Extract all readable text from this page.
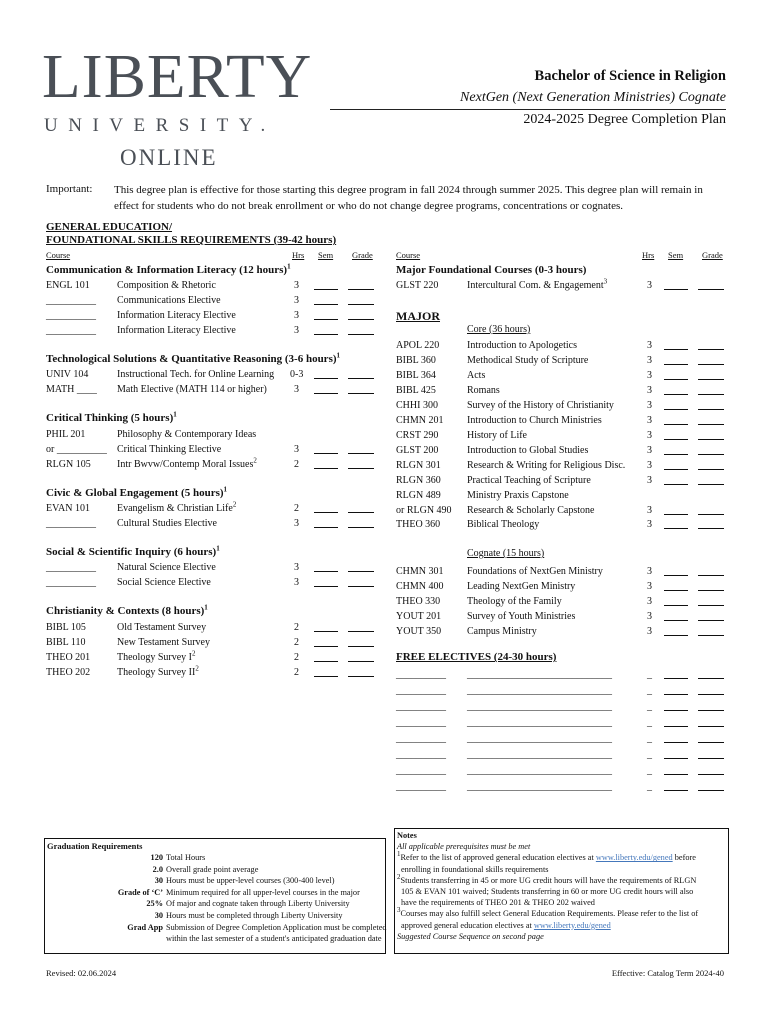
LIBERTY
UNIVERSITY.
ONLINE
Bachelor of Science in Religion
NextGen (Next Generation Ministries) Cognate
2024-2025 Degree Completion Plan
Important: This degree plan is effective for those starting this degree program in fall 2024 through summer 2025. This degree plan will remain in effect for students who do not break enrollment or who do not change degree programs, concentrations or cognates.
GENERAL EDUCATION/
FOUNDATIONAL SKILLS REQUIREMENTS (39-42 hours)
Course	Hrs Sem Grade
Communication & Information Literacy (12 hours)$^1$
ENGL 101	Composition & Rhetoric	3
__________ Communications Elective	3
__________ Information Literacy Elective	3
__________ Information Literacy Elective	3
Technological Solutions & Quantitative Reasoning (3-6 hours)$^1$
UNIV 104	Instructional Tech. for Online Learning 0-3
MATH ____ Math Elective (MATH 114 or higher)	3
Critical Thinking (5 hours)$^1$
PHIL 201	Philosophy & Contemporary Ideas
or __________ Critical Thinking Elective	3
RLGN 105	Intr Bwvw/Contemp Moral Issues$^2$	2
Civic & Global Engagement (5 hours)$^1$
EVAN 101	Evangelism & Christian Life$^2$	2
__________ Cultural Studies Elective	3
Social & Scientific Inquiry (6 hours)$^1$
__________ Natural Science Elective	3
__________ Social Science Elective	3
Christianity & Contexts (8 hours)$^1$
BIBL 105	Old Testament Survey	2
BIBL 110	New Testament Survey	2
THEO 201	Theology Survey $I^2$	2
THEO 202	Theology Survey $II^2$	2
Course	Hrs Sem Grade
Major Foundational Courses (0-3 hours)
GLST 220	Intercultural Com. & Engagement$^3$	3
MAJOR
Core (36 hours)
APOL 220	Introduction to Apologetics	3
BIBL 360	Methodical Study of Scripture	3
BIBL 364	Acts	3
BIBL 425	Romans	3
CHHI 300	Survey of the History of Christianity	3
CHMN 201 Introduction to Church Ministries	3
CRST 290	History of Life	3
GLST 200	Introduction to Global Studies	3
RLGN 301	Research & Writing for Religious Disc. 3
RLGN 360	Practical Teaching of Scripture	3
RLGN 489	Ministry Praxis Capstone
or RLGN 490 Research & Scholarly Capstone	3
THEO 360	Biblical Theology	3
Cognate (15 hours)
CHMN 301 Foundations of NextGen Ministry	3
CHMN 400 Leading NextGen Ministry	3
THEO 330	Theology of the Family	3
YOUT 201	Survey of Youth Ministries	3
YOUT 350	Campus Ministry	3
FREE ELECTIVES (24-30 hours)
__________ _____________________________	_
__________ _____________________________	_
__________ _____________________________	_
__________ _____________________________	_
__________ _____________________________	_
__________ _____________________________	_
__________ _____________________________	_
__________ _____________________________	_
Graduation Requirements
120 Total Hours
2.0 Overall grade point average
30 Hours must be upper-level courses (300-400 level)
Grade of ‘C’ Minimum required for all upper-level courses in the major
25% Of major and cognate taken through Liberty University
30 Hours must be completed through Liberty University
Grad App Submission of Degree Completion Application must be completed
within the last semester of a student's anticipated graduation date
Notes
All applicable prerequisites must be met
$^1$Refer to the list of approved general education electives at www.liberty.edu/gened before
enrolling in foundational skills requirements
$^2$Students transferring in 45 or more UG credit hours will have the requirements of RLGN
105 & EVAN 101 waived; Students transferring in 60 or more UG credit hours will also
have the requirements of THEO 201 & THEO 202 waived
$^3$Courses may also fulfill select General Education Requirements. Please refer to the list of
approved general education electives at www.liberty.edu/gened
Suggested Course Sequence on second page
Revised: 02.06.2024	Effective: Catalog Term 2024-40
